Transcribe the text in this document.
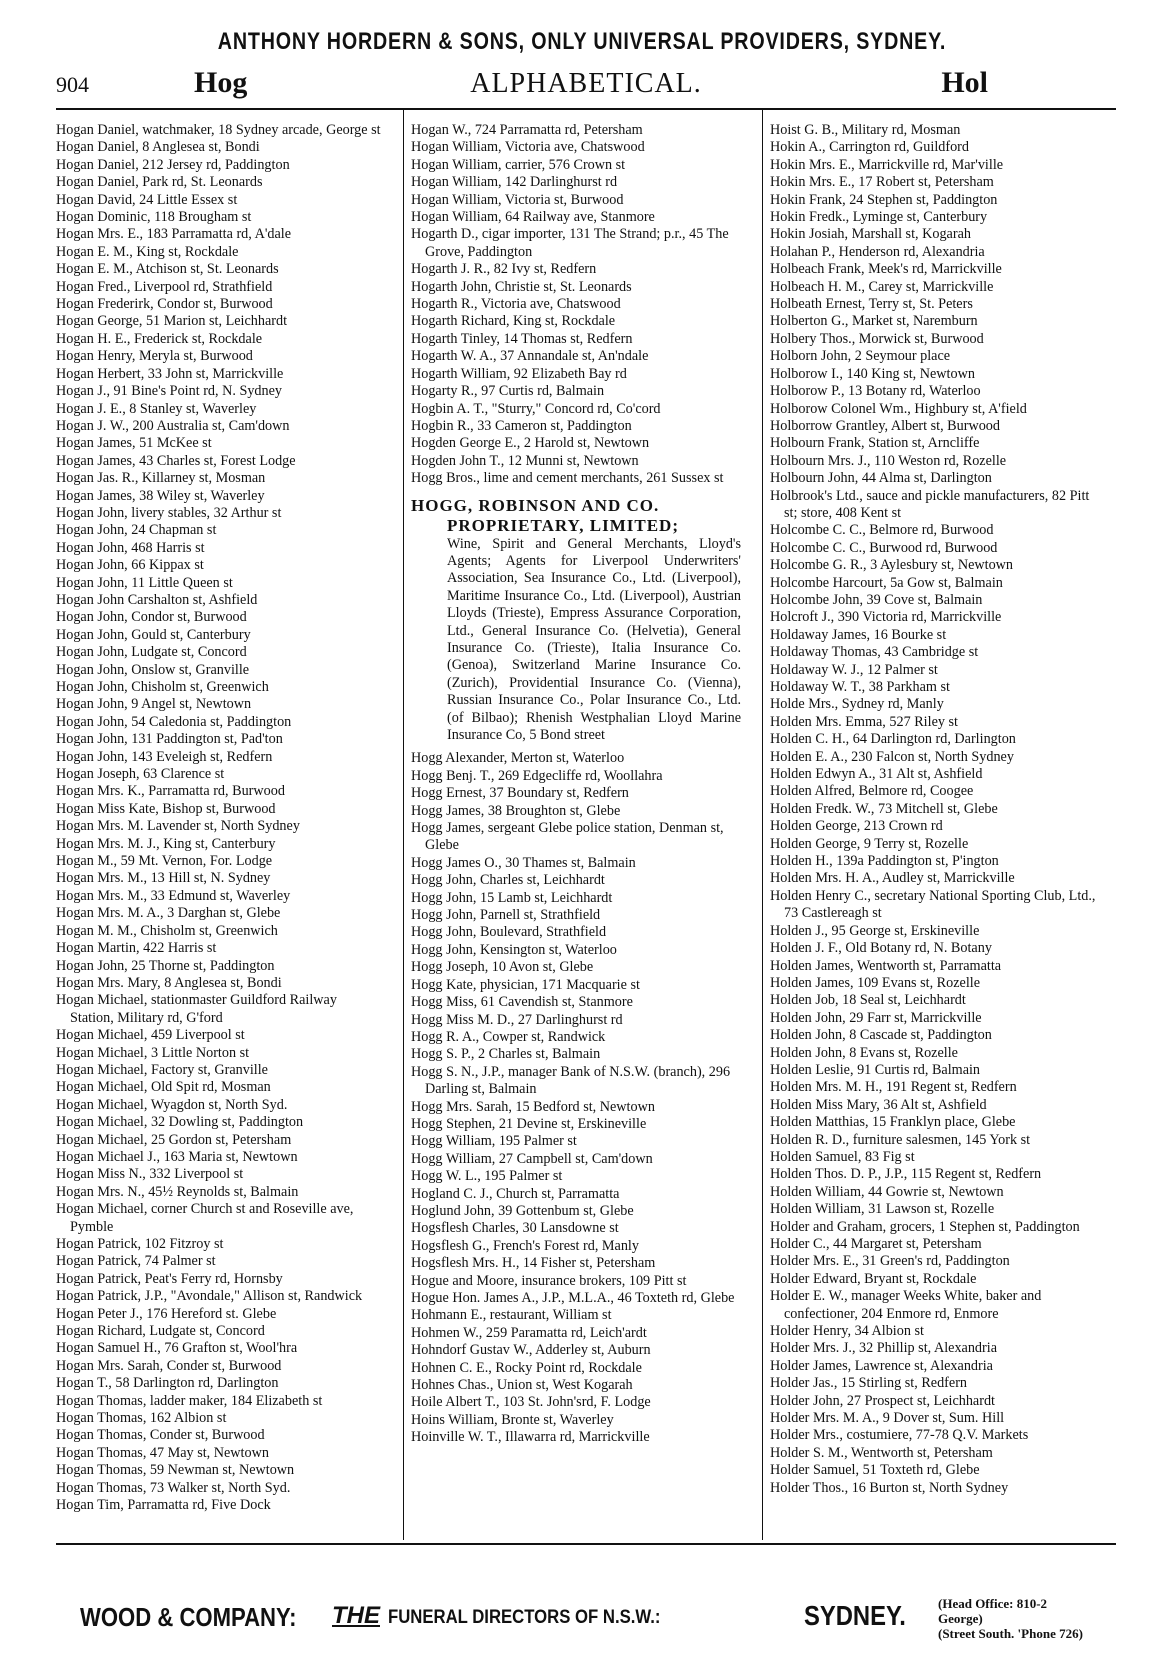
ANTHONY HORDERN & SONS, ONLY UNIVERSAL PROVIDERS, SYDNEY.
904	Hog	ALPHABETICAL.	Hol
Hogan Daniel, watchmaker, 18 Sydney arcade, George st
Hogan Daniel, 8 Anglesea st, Bondi
Hogan Daniel, 212 Jersey rd, Paddington
Hogan Daniel, Park rd, St. Leonards
Hogan David, 24 Little Essex st
Hogan Dominic, 118 Brougham st
Hogan Mrs. E., 183 Parramatta rd, A'dale
Hogan E. M., King st, Rockdale
Hogan E. M., Atchison st, St. Leonards
Hogan Fred., Liverpool rd, Strathfield
Hogan Frederirk, Condor st, Burwood
Hogan George, 51 Marion st, Leichhardt
Hogan H. E., Frederick st, Rockdale
Hogan Henry, Meryla st, Burwood
Hogan Herbert, 33 John st, Marrickville
Hogan J., 91 Bine's Point rd, N. Sydney
Hogan J. E., 8 Stanley st, Waverley
Hogan J. W., 200 Australia st, Cam'down
Hogan James, 51 McKee st
Hogan James, 43 Charles st, Forest Lodge
Hogan Jas. R., Killarney st, Mosman
Hogan James, 38 Wiley st, Waverley
Hogan John, livery stables, 32 Arthur st
Hogan John, 24 Chapman st
Hogan John, 468 Harris st
Hogan John, 66 Kippax st
Hogan John, 11 Little Queen st
Hogan John Carshalton st, Ashfield
Hogan John, Condor st, Burwood
Hogan John, Gould st, Canterbury
Hogan John, Ludgate st, Concord
Hogan John, Onslow st, Granville
Hogan John, Chisholm st, Greenwich
Hogan John, 9 Angel st, Newtown
Hogan John, 54 Caledonia st, Paddington
Hogan John, 131 Paddington st, Pad'ton
Hogan John, 143 Eveleigh st, Redfern
Hogan Joseph, 63 Clarence st
Hogan Mrs. K., Parramatta rd, Burwood
Hogan Miss Kate, Bishop st, Burwood
Hogan Mrs. M. Lavender st, North Sydney
Hogan Mrs. M. J., King st, Canterbury
Hogan M., 59 Mt. Vernon, For. Lodge
Hogan Mrs. M., 13 Hill st, N. Sydney
Hogan Mrs. M., 33 Edmund st, Waverley
Hogan Mrs. M. A., 3 Darghan st, Glebe
Hogan M. M., Chisholm st, Greenwich
Hogan Martin, 422 Harris st
Hogan John, 25 Thorne st, Paddington
Hogan Mrs. Mary, 8 Anglesea st, Bondi
Hogan Michael, stationmaster Guildford Railway Station, Military rd, G'ford
Hogan Michael, 459 Liverpool st
Hogan Michael, 3 Little Norton st
Hogan Michael, Factory st, Granville
Hogan Michael, Old Spit rd, Mosman
Hogan Michael, Wyagdon st, North Syd.
Hogan Michael, 32 Dowling st, Paddington
Hogan Michael, 25 Gordon st, Petersham
Hogan Michael J., 163 Maria st, Newtown
Hogan Miss N., 332 Liverpool st
Hogan Mrs. N., 45½ Reynolds st, Balmain
Hogan Michael, corner Church st and Roseville ave, Pymble
Hogan Patrick, 102 Fitzroy st
Hogan Patrick, 74 Palmer st
Hogan Patrick, Peat's Ferry rd, Hornsby
Hogan Patrick, J.P., "Avondale," Allison st, Randwick
Hogan Peter J., 176 Hereford st. Glebe
Hogan Richard, Ludgate st, Concord
Hogan Samuel H., 76 Grafton st, Wool'hra
Hogan Mrs. Sarah, Conder st, Burwood
Hogan T., 58 Darlington rd, Darlington
Hogan Thomas, ladder maker, 184 Elizabeth st
Hogan Thomas, 162 Albion st
Hogan Thomas, Conder st, Burwood
Hogan Thomas, 47 May st, Newtown
Hogan Thomas, 59 Newman st, Newtown
Hogan Thomas, 73 Walker st, North Syd.
Hogan Tim, Parramatta rd, Five Dock
Hogan W., 724 Parramatta rd, Petersham
Hogan William, Victoria ave, Chatswood
Hogan William, carrier, 576 Crown st
Hogan William, 142 Darlinghurst rd
Hogan William, Victoria st, Burwood
Hogan William, 64 Railway ave, Stanmore
Hogarth D., cigar importer, 131 The Strand; p.r., 45 The Grove, Paddington
Hogarth J. R., 82 Ivy st, Redfern
Hogarth John, Christie st, St. Leonards
Hogarth R., Victoria ave, Chatswood
Hogarth Richard, King st, Rockdale
Hogarth Tinley, 14 Thomas st, Redfern
Hogarth W. A., 37 Annandale st, An'ndale
Hogarth William, 92 Elizabeth Bay rd
Hogarty R., 97 Curtis rd, Balmain
Hogbin A. T., "Sturry," Concord rd, Co'cord
Hogbin R., 33 Cameron st, Paddington
Hogden George E., 2 Harold st, Newtown
Hogden John T., 12 Munni st, Newtown
Hogg Bros., lime and cement merchants, 261 Sussex st
HOGG, ROBINSON AND CO.
PROPRIETARY, LIMITED;
Wine, Spirit and General Merchants, Lloyd's Agents; Agents for Liverpool Underwriters' Association, Sea Insurance Co., Ltd. (Liverpool), Maritime Insurance Co., Ltd. (Liverpool), Austrian Lloyds (Trieste), Empress Assurance Corporation, Ltd., General Insurance Co. (Helvetia), General Insurance Co. (Trieste), Italia Insurance Co. (Genoa), Switzerland Marine Insurance Co. (Zurich), Providential Insurance Co. (Vienna), Russian Insurance Co., Polar Insurance Co., Ltd. (of Bilbao); Rhenish Westphalian Lloyd Marine Insurance Co, 5 Bond street
Hogg Alexander, Merton st, Waterloo
Hogg Benj. T., 269 Edgecliffe rd, Woollahra
Hogg Ernest, 37 Boundary st, Redfern
Hogg James, 38 Broughton st, Glebe
Hogg James, sergeant Glebe police station, Denman st, Glebe
Hogg James O., 30 Thames st, Balmain
Hogg John, Charles st, Leichhardt
Hogg John, 15 Lamb st, Leichhardt
Hogg John, Parnell st, Strathfield
Hogg John, Boulevard, Strathfield
Hogg John, Kensington st, Waterloo
Hogg Joseph, 10 Avon st, Glebe
Hogg Kate, physician, 171 Macquarie st
Hogg Miss, 61 Cavendish st, Stanmore
Hogg Miss M. D., 27 Darlinghurst rd
Hogg R. A., Cowper st, Randwick
Hogg S. P., 2 Charles st, Balmain
Hogg S. N., J.P., manager Bank of N.S.W. (branch), 296 Darling st, Balmain
Hogg Mrs. Sarah, 15 Bedford st, Newtown
Hogg Stephen, 21 Devine st, Erskineville
Hogg William, 195 Palmer st
Hogg William, 27 Campbell st, Cam'down
Hogg W. L., 195 Palmer st
Hogland C. J., Church st, Parramatta
Hoglund John, 39 Gottenbum st, Glebe
Hogsflesh Charles, 30 Lansdowne st
Hogsflesh G., French's Forest rd, Manly
Hogsflesh Mrs. H., 14 Fisher st, Petersham
Hogue and Moore, insurance brokers, 109 Pitt st
Hogue Hon. James A., J.P., M.L.A., 46 Toxteth rd, Glebe
Hohmann E., restaurant, William st
Hohmen W., 259 Paramatta rd, Leich'ardt
Hohndorf Gustav W., Adderley st, Auburn
Hohnen C. E., Rocky Point rd, Rockdale
Hohnes Chas., Union st, West Kogarah
Hoile Albert T., 103 St. John'srd, F. Lodge
Hoins William, Bronte st, Waverley
Hoinville W. T., Illawarra rd, Marrickville
Hoist G. B., Military rd, Mosman
Hokin A., Carrington rd, Guildford
Hokin Mrs. E., Marrickville rd, Mar'ville
Hokin Mrs. E., 17 Robert st, Petersham
Hokin Frank, 24 Stephen st, Paddington
Hokin Fredk., Lyminge st, Canterbury
Hokin Josiah, Marshall st, Kogarah
Holahan P., Henderson rd, Alexandria
Holbeach Frank, Meek's rd, Marrickville
Holbeach H. M., Carey st, Marrickville
Holbeath Ernest, Terry st, St. Peters
Holberton G., Market st, Naremburn
Holbery Thos., Morwick st, Burwood
Holborn John, 2 Seymour place
Holborow I., 140 King st, Newtown
Holborow P., 13 Botany rd, Waterloo
Holborow Colonel Wm., Highbury st, A'field
Holborrow Grantley, Albert st, Burwood
Holbourn Frank, Station st, Arncliffe
Holbourn Mrs. J., 110 Weston rd, Rozelle
Holbourn John, 44 Alma st, Darlington
Holbrook's Ltd., sauce and pickle manufacturers, 82 Pitt st; store, 408 Kent st
Holcombe C. C., Belmore rd, Burwood
Holcombe C. C., Burwood rd, Burwood
Holcombe G. R., 3 Aylesbury st, Newtown
Holcombe Harcourt, 5a Gow st, Balmain
Holcombe John, 39 Cove st, Balmain
Holcroft J., 390 Victoria rd, Marrickville
Holdaway James, 16 Bourke st
Holdaway Thomas, 43 Cambridge st
Holdaway W. J., 12 Palmer st
Holdaway W. T., 38 Parkham st
Holde Mrs., Sydney rd, Manly
Holden Mrs. Emma, 527 Riley st
Holden C. H., 64 Darlington rd, Darlington
Holden E. A., 230 Falcon st, North Sydney
Holden Edwyn A., 31 Alt st, Ashfield
Holden Alfred, Belmore rd, Coogee
Holden Fredk. W., 73 Mitchell st, Glebe
Holden George, 213 Crown rd
Holden George, 9 Terry st, Rozelle
Holden H., 139a Paddington st, P'ington
Holden Mrs. H. A., Audley st, Marrickville
Holden Henry C., secretary National Sporting Club, Ltd., 73 Castlereagh st
Holden J., 95 George st, Erskineville
Holden J. F., Old Botany rd, N. Botany
Holden James, Wentworth st, Parramatta
Holden James, 109 Evans st, Rozelle
Holden Job, 18 Seal st, Leichhardt
Holden John, 29 Farr st, Marrickville
Holden John, 8 Cascade st, Paddington
Holden John, 8 Evans st, Rozelle
Holden Leslie, 91 Curtis rd, Balmain
Holden Mrs. M. H., 191 Regent st, Redfern
Holden Miss Mary, 36 Alt st, Ashfield
Holden Matthias, 15 Franklyn place, Glebe
Holden R. D., furniture salesmen, 145 York st
Holden Samuel, 83 Fig st
Holden Thos. D. P., J.P., 115 Regent st, Redfern
Holden William, 44 Gowrie st, Newtown
Holden William, 31 Lawson st, Rozelle
Holder and Graham, grocers, 1 Stephen st, Paddington
Holder C., 44 Margaret st, Petersham
Holder Mrs. E., 31 Green's rd, Paddington
Holder Edward, Bryant st, Rockdale
Holder E. W., manager Weeks White, baker and confectioner, 204 Enmore rd, Enmore
Holder Henry, 34 Albion st
Holder Mrs. J., 32 Phillip st, Alexandria
Holder James, Lawrence st, Alexandria
Holder Jas., 15 Stirling st, Redfern
Holder John, 27 Prospect st, Leichhardt
Holder Mrs. M. A., 9 Dover st, Sum. Hill
Holder Mrs., costumiere, 77-78 Q.V. Markets
Holder S. M., Wentworth st, Petersham
Holder Samuel, 51 Toxteth rd, Glebe
Holder Thos., 16 Burton st, North Sydney
WOOD & COMPANY: THE FUNERAL DIRECTORS OF N.S.W.:	SYDNEY. (Head Office: 810-2 George)
(Street South. 'Phone 726)
